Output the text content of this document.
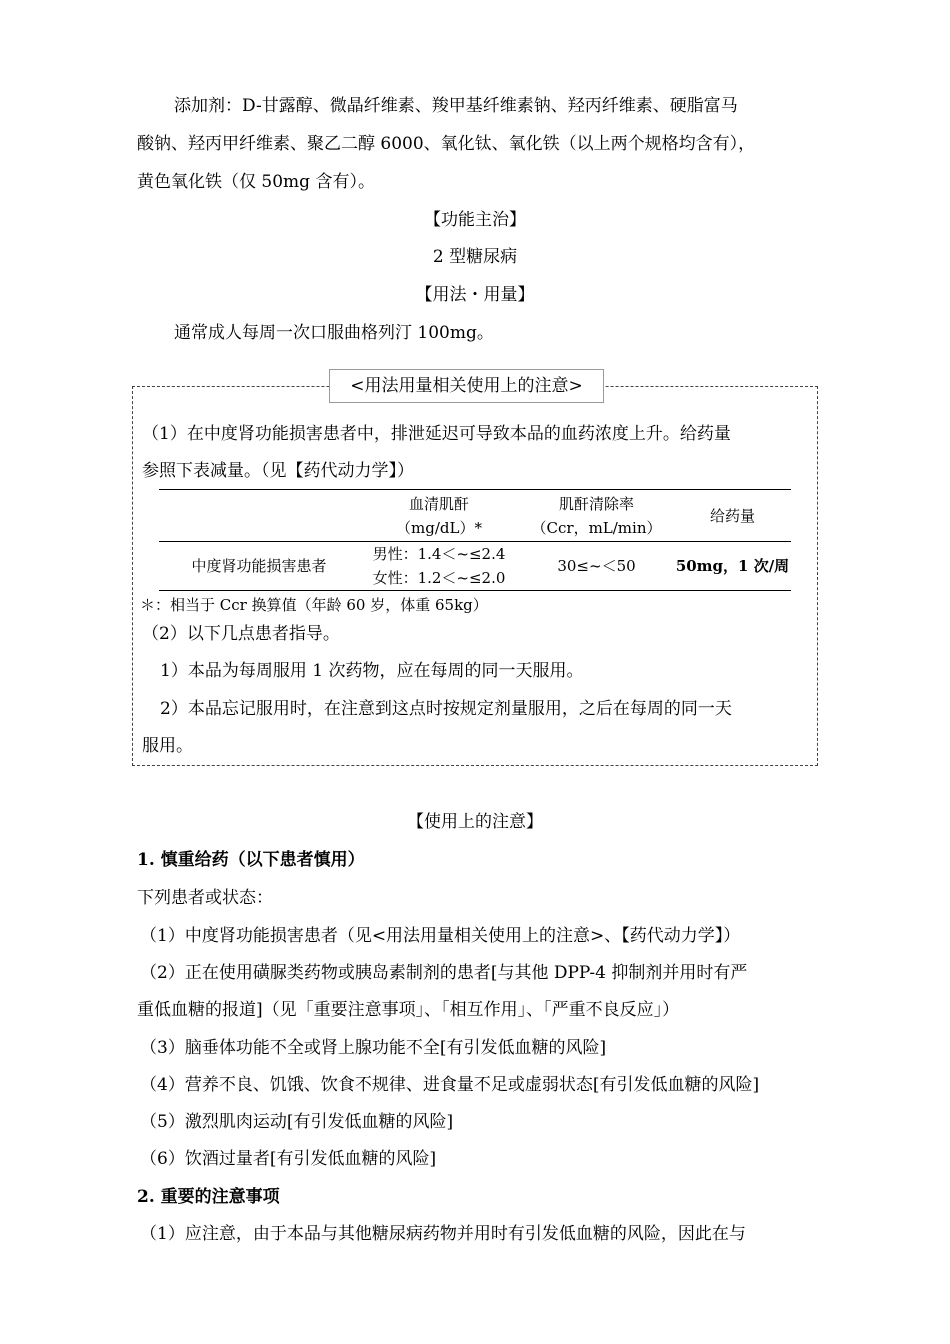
添加剂：D-甘露醇、微晶纤维素、羧甲基纤维素钠、羟丙纤维素、硬脂富马
酸钠、羟丙甲纤维素、聚乙二醇 6000、氧化钛、氧化铁（以上两个规格均含有），
黄色氧化铁（仅 50mg 含有）。
【功能主治】
2 型糖尿病
【用法・用量】
通常成人每周一次口服曲格列汀 100mg。
<用法用量相关使用上的注意>
（1）在中度肾功能损害患者中，排泄延迟可导致本品的血药浓度上升。给药量
参照下表减量。（见【药代动力学】）
血清肌酐
（mg/dL）*
肌酐清除率
（Ccr，mL/min）
给药量
中度肾功能损害患者
男性：1.4＜~≤2.4
女性：1.2＜~≤2.0
30≤~＜50	50mg，1 次/周
＊：相当于 Ccr 换算值（年龄 60 岁，体重 65kg）
（2）以下几点患者指导。
1）本品为每周服用 1 次药物，应在每周的同一天服用。
2）本品忘记服用时，在注意到这点时按规定剂量服用，之后在每周的同一天
服用。
【使用上的注意】
1. 慎重给药（以下患者慎用）
下列患者或状态：
（1）中度肾功能损害患者（见<用法用量相关使用上的注意>、【药代动力学】）
（2）正在使用磺脲类药物或胰岛素制剂的患者[与其他 DPP-4 抑制剂并用时有严
重低血糖的报道]（见「重要注意事项」、「相互作用」、「严重不良反应」）
（3）脑垂体功能不全或肾上腺功能不全[有引发低血糖的风险]
（4）营养不良、饥饿、饮食不规律、进食量不足或虚弱状态[有引发低血糖的风险]
（5）激烈肌肉运动[有引发低血糖的风险]
（6）饮酒过量者[有引发低血糖的风险]
2. 重要的注意事项
（1）应注意，由于本品与其他糖尿病药物并用时有引发低血糖的风险，因此在与
